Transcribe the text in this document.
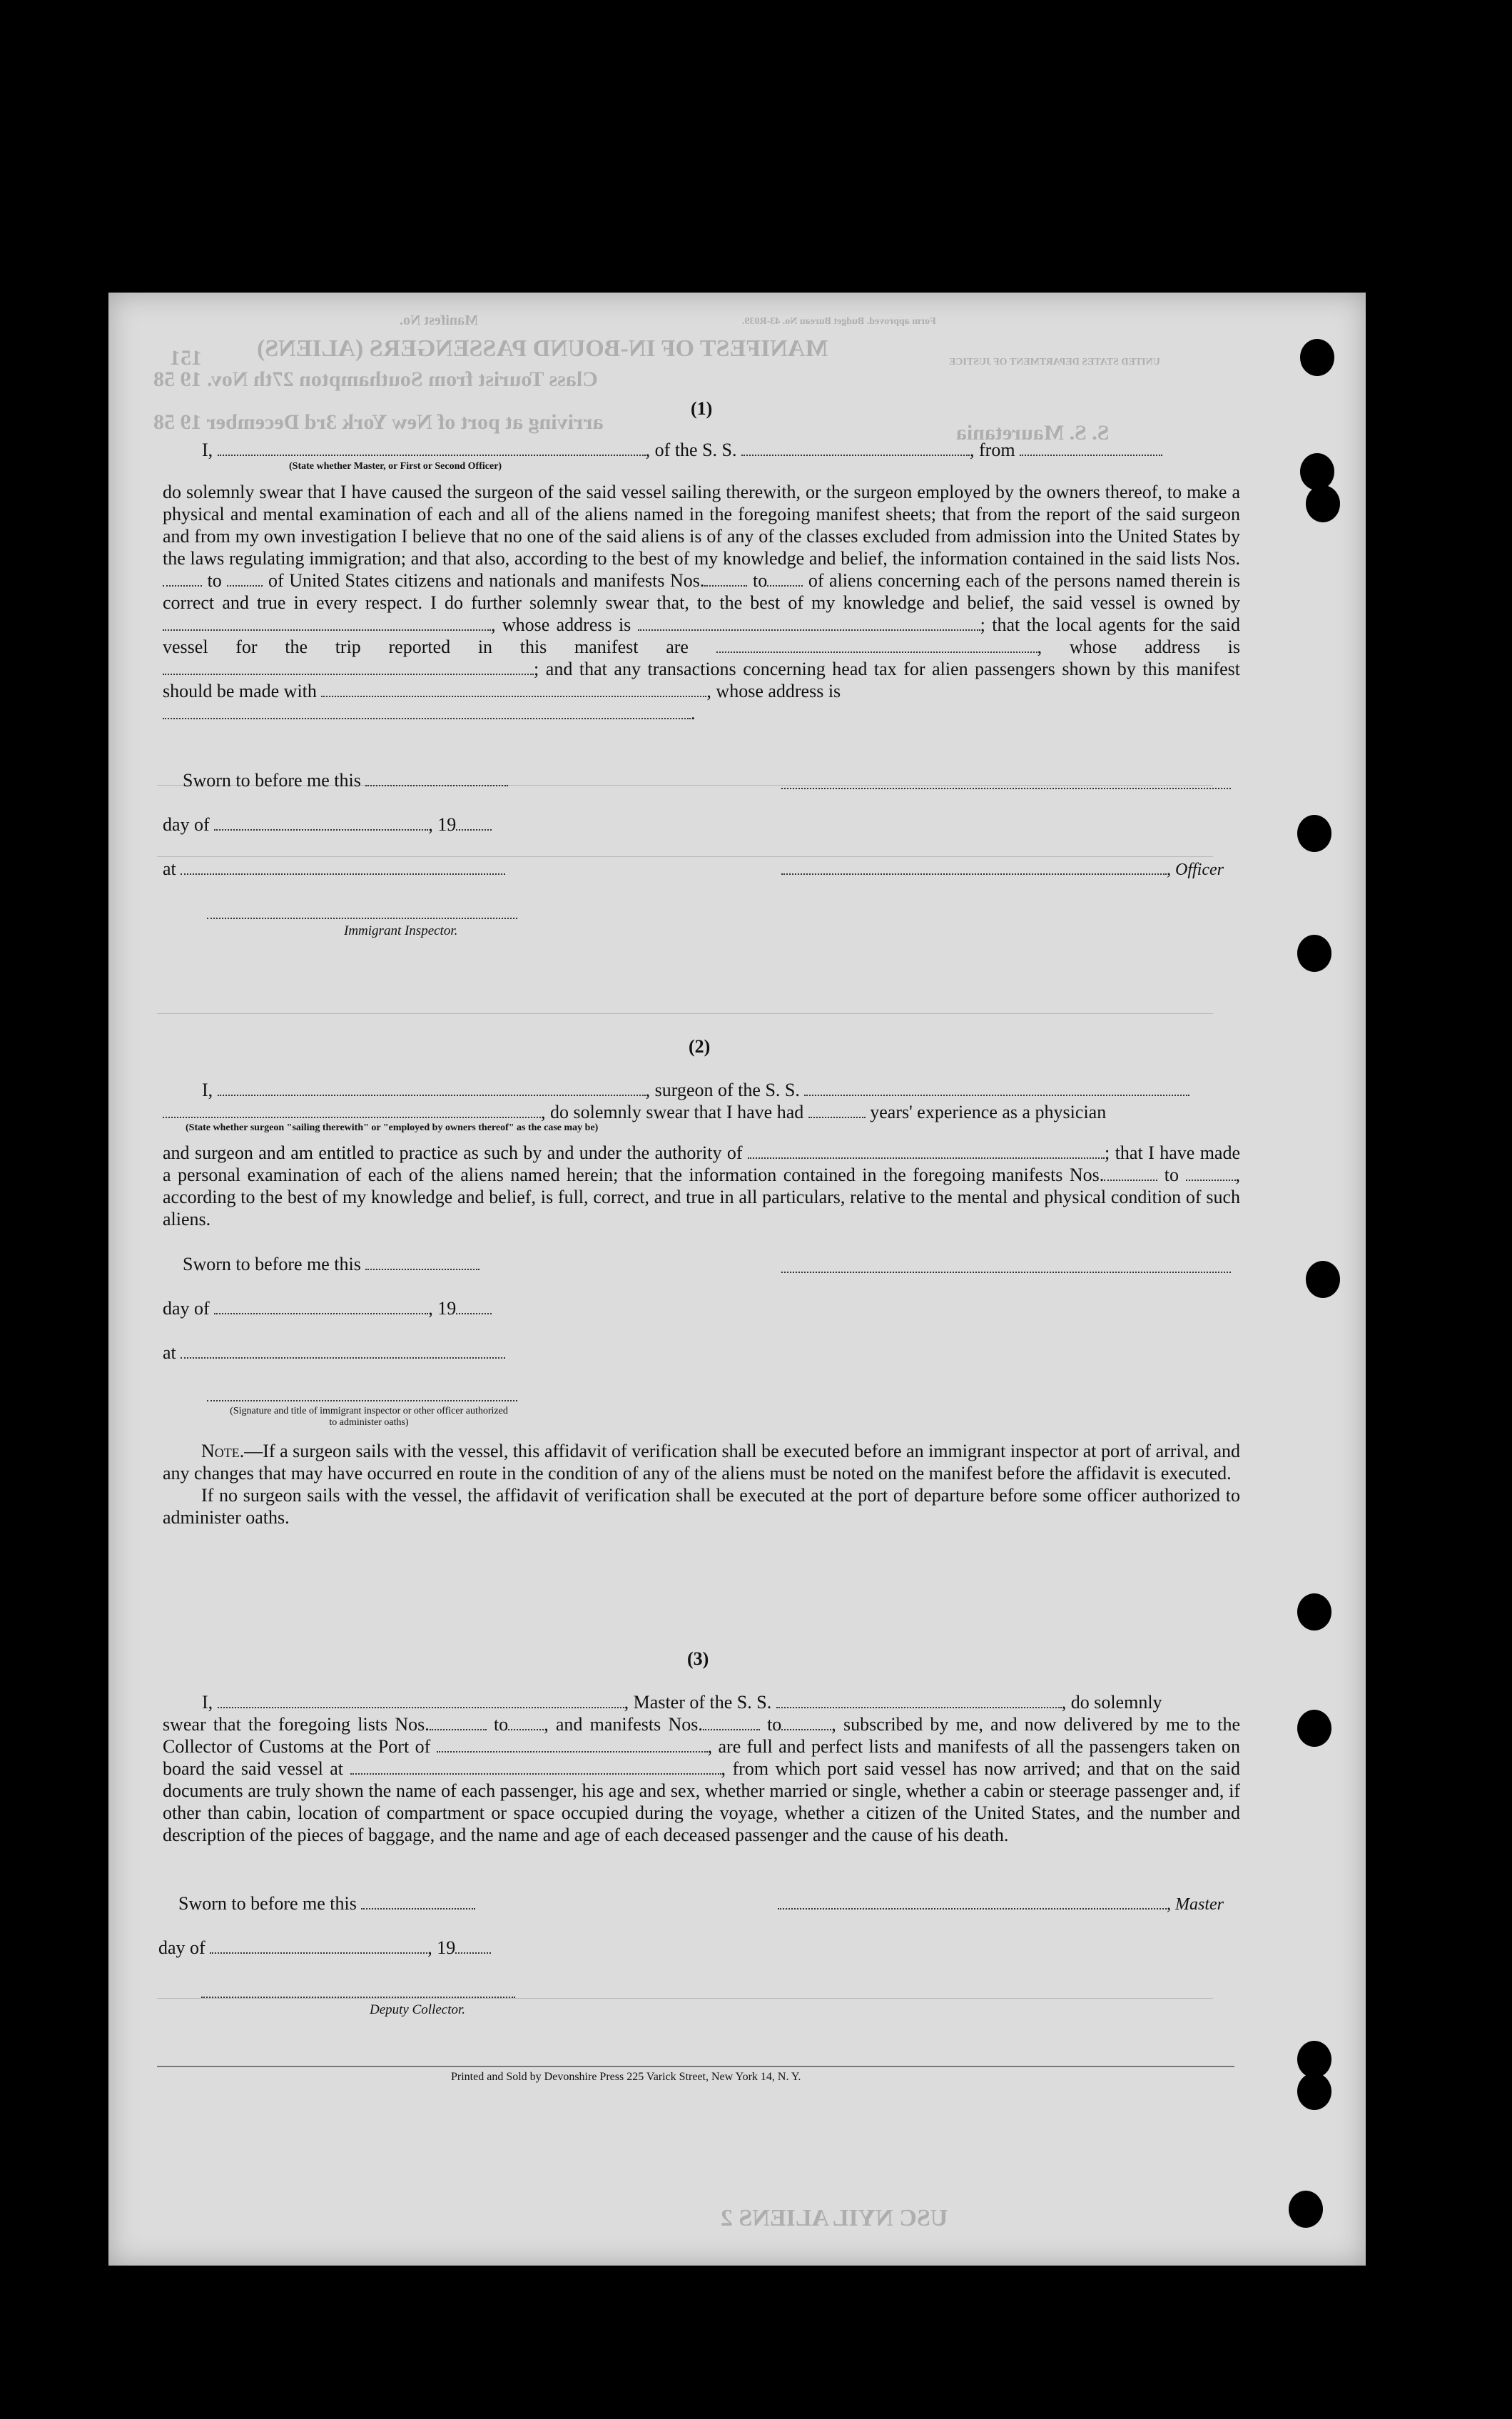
Manifest No.
MANIFEST OF IN-BOUND PASSENGERS (ALIENS)
151
Form approved. Budget Bureau No. 43-R039.
UNITED STATES DEPARTMENT OF JUSTICE
Class Tourist from Southampton 27th Nov. 19 58
arriving at port of New York 3rd December 19 58	S. S. Mauretania
USC NYIL ALIENS 2
(1)
I,	, of the S. S.	, from
(State whether Master, or First or Second Officer)
do solemnly swear that I have caused the surgeon of the said vessel sailing therewith, or the surgeon employed by the owners thereof, to make a physical and mental examination of each and all of the aliens named in the foregoing manifest sheets; that from the report of the said surgeon and from my own investigation I believe that no one of the said aliens is of any of the classes excluded from admission into the United States by the laws regulating immigration; and that also, according to the best of my knowledge and belief, the information contained in the said lists Nos. to	of United States citizens and nationals and manifests Nos.	to of aliens concerning each of the persons named therein is correct and true in every respect. I do further solemnly swear that, to the best of my knowledge and belief, the said vessel is owned by , whose address is	; that the local agents for the said vessel for the trip reported in this manifest are	, whose address is ; and that any transactions concerning head tax for alien passengers shown by this manifest should be made with	, whose address is
.
Sworn to before me this
day of	, 19
at	, Officer
Immigrant Inspector.
(2)
I,	, surgeon of the S. S.
, do solemnly swear that I have had	years' experience as a physician
(State whether surgeon "sailing therewith" or "employed by owners thereof" as the case may be)
and surgeon and am entitled to practice as such by and under the authority of	; that I have made a personal examination of each of the aliens named herein; that the information contained in the foregoing manifests Nos.	to	, according to the best of my knowledge and belief, is full, correct, and true in all particulars, relative to the mental and physical condition of such aliens.
Sworn to before me this
day of	, 19
at
(Signature and title of immigrant inspector or other officer authorized to administer oaths)
Note.—If a surgeon sails with the vessel, this affidavit of verification shall be executed before an immigrant inspector at port of arrival, and any changes that may have occurred en route in the condition of any of the aliens must be noted on the manifest before the affidavit is executed.
If no surgeon sails with the vessel, the affidavit of verification shall be executed at the port of departure before some officer authorized to administer oaths.
(3)
I,	, Master of the S. S.	, do solemnly
swear that the foregoing lists Nos.	to , and manifests Nos.	to	, subscribed by me, and now delivered by me to the Collector of Customs at the Port of	, are full and perfect lists and manifests of all the passengers taken on board the said vessel at	, from which port said vessel has now arrived; and that on the said documents are truly shown the name of each passenger, his age and sex, whether married or single, whether a cabin or steerage passenger and, if other than cabin, location of compartment or space occupied during the voyage, whether a citizen of the United States, and the number and description of the pieces of baggage, and the name and age of each deceased passenger and the cause of his death.
Sworn to before me this	, Master
day of	, 19
Deputy Collector.
Printed and Sold by Devonshire Press 225 Varick Street, New York 14, N. Y.
